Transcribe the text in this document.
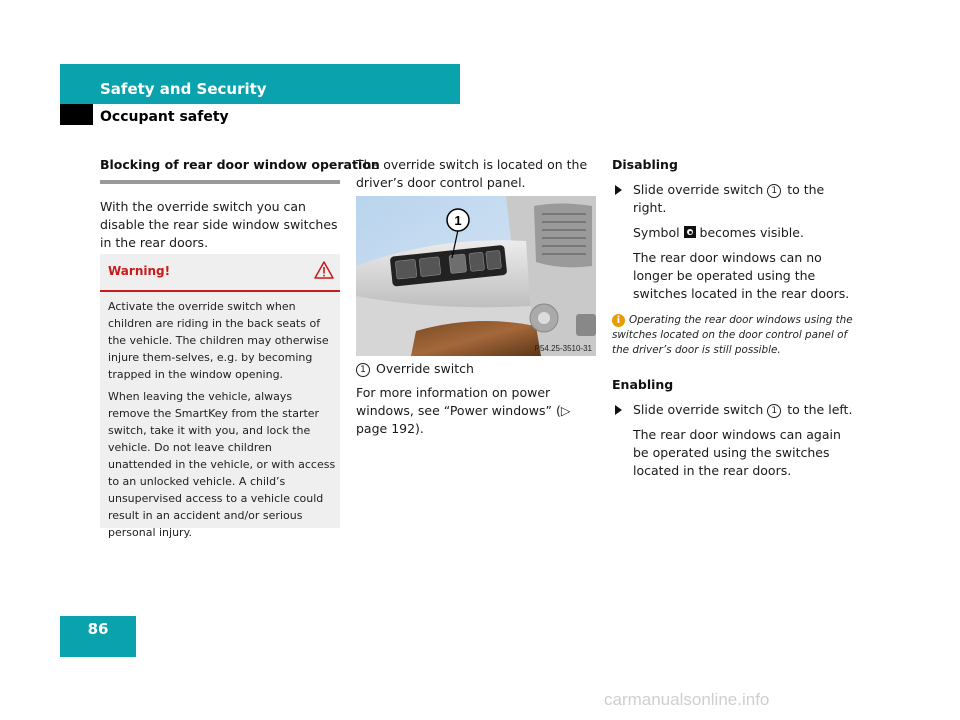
Safety and Security
Occupant safety
Blocking of rear door window operation

With the override switch you can disable the rear side window switches in the rear doors.

Warning!

Activate the override switch when children are riding in the back seats of the vehicle. The children may otherwise injure them-selves, e.g. by becoming trapped in the window opening.

When leaving the vehicle, always remove the SmartKey from the starter switch, take it with you, and lock the vehicle. Do not leave children unattended in the vehicle, or with access to an unlocked vehicle. A child’s unsupervised access to a vehicle could result in an accident and/or serious personal injury.

The override switch is located on the driver’s door control panel.

1
P54.25-3510-31
1 Override switch
For more information on power windows, see “Power windows” (▷ page 192).
Disabling
Slide override switch 1 to the right.
Symbol  becomes visible.
The rear door windows can no longer be operated using the switches located in the rear doors.
i Operating the rear door windows using the switches located on the door control panel of the driver’s door is still possible.
Enabling
Slide override switch 1 to the left.
The rear door windows can again be operated using the switches located in the rear doors.
86
carmanualsonline.info
